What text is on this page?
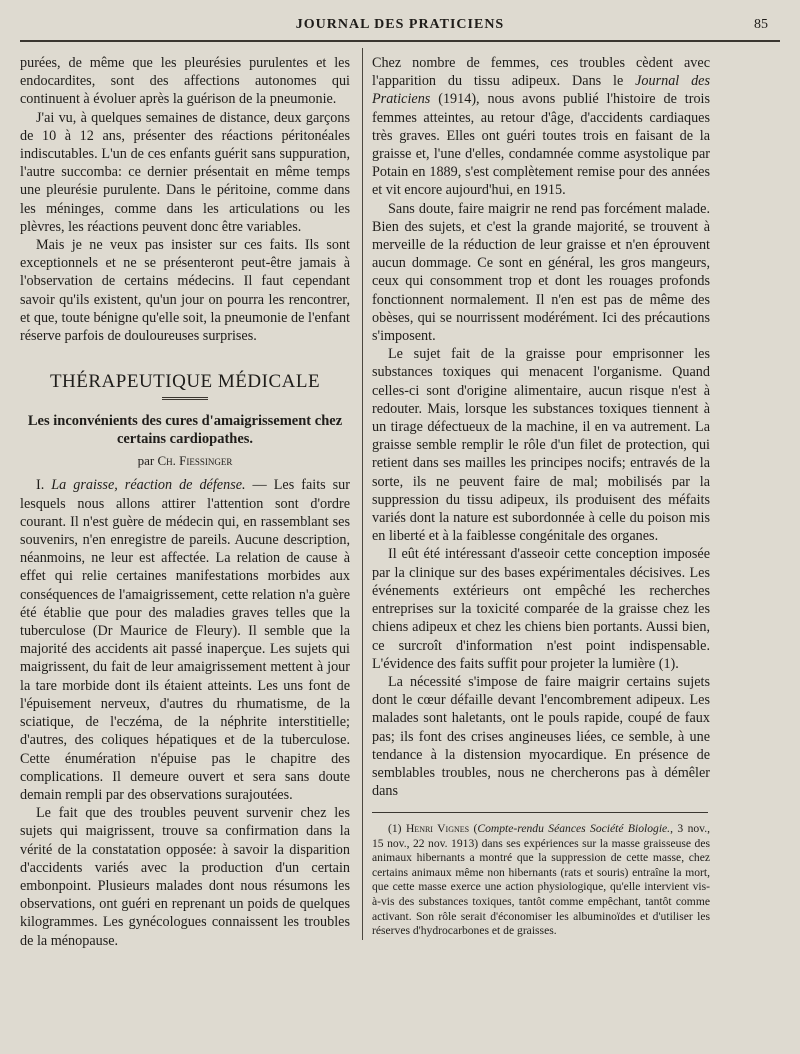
JOURNAL DES PRATICIENS	85

purées, de même que les pleurésies purulentes et les endocardites, sont des affections autonomes qui continuent à évoluer après la guérison de la pneumonie.

J'ai vu, à quelques semaines de distance, deux garçons de 10 à 12 ans, présenter des réactions péritonéales indiscutables. L'un de ces enfants guérit sans suppuration, l'autre succomba: ce dernier présentait en même temps une pleurésie purulente. Dans le péritoine, comme dans les méninges, comme dans les articulations ou les plèvres, les réactions peuvent donc être variables.

Mais je ne veux pas insister sur ces faits. Ils sont exceptionnels et ne se présenteront peut-être jamais à l'observation de certains médecins. Il faut cependant savoir qu'ils existent, qu'un jour on pourra les rencontrer, et que, toute bénigne qu'elle soit, la pneumonie de l'enfant réserve parfois de douloureuses surprises.

THÉRAPEUTIQUE MÉDICALE
Les inconvénients des cures d'amaigrissement chez certains cardiopathes.
par Ch. Fiessinger

I. La graisse, réaction de défense. — Les faits sur lesquels nous allons attirer l'attention sont d'ordre courant. Il n'est guère de médecin qui, en rassemblant ses souvenirs, n'en enregistre de pareils. Aucune description, néanmoins, ne leur est affectée. La relation de cause à effet qui relie certaines manifestations morbides aux conséquences de l'amaigrissement, cette relation n'a guère été établie que pour des maladies graves telles que la tuberculose (Dr Maurice de Fleury). Il semble que la majorité des accidents ait passé inaperçue. Les sujets qui maigrissent, du fait de leur amaigrissement mettent à jour la tare morbide dont ils étaient atteints. Les uns font de l'épuisement nerveux, d'autres du rhumatisme, de la sciatique, de l'eczéma, de la néphrite interstitielle; d'autres, des coliques hépatiques et de la tuberculose. Cette énumération n'épuise pas le chapitre des complications. Il demeure ouvert et sera sans doute demain rempli par des observations surajoutées.

Le fait que des troubles peuvent survenir chez les sujets qui maigrissent, trouve sa confirmation dans la vérité de la constatation opposée: à savoir la disparition d'accidents variés avec la production d'un certain embonpoint. Plusieurs malades dont nous résumons les observations, ont guéri en reprenant un poids de quelques kilogrammes. Les gynécologues connaissent les troubles de la ménopause.

Chez nombre de femmes, ces troubles cèdent avec l'apparition du tissu adipeux. Dans le Journal des Praticiens (1914), nous avons publié l'histoire de trois femmes atteintes, au retour d'âge, d'accidents cardiaques très graves. Elles ont guéri toutes trois en faisant de la graisse et, l'une d'elles, condamnée comme asystolique par Potain en 1889, s'est complètement remise pour des années et vit encore aujourd'hui, en 1915.

Sans doute, faire maigrir ne rend pas forcément malade. Bien des sujets, et c'est la grande majorité, se trouvent à merveille de la réduction de leur graisse et n'en éprouvent aucun dommage. Ce sont en général, les gros mangeurs, ceux qui consomment trop et dont les rouages profonds fonctionnent normalement. Il n'en est pas de même des obèses, qui se nourrissent modérément. Ici des précautions s'imposent.

Le sujet fait de la graisse pour emprisonner les substances toxiques qui menacent l'organisme. Quand celles-ci sont d'origine alimentaire, aucun risque n'est à redouter. Mais, lorsque les substances toxiques tiennent à un tirage défectueux de la machine, il en va autrement. La graisse semble remplir le rôle d'un filet de protection, qui retient dans ses mailles les principes nocifs; entravés de la sorte, ils ne peuvent faire de mal; mobilisés par la suppression du tissu adipeux, ils produisent des méfaits variés dont la nature est subordonnée à celle du poison mis en liberté et à la faiblesse congénitale des organes.

Il eût été intéressant d'asseoir cette conception imposée par la clinique sur des bases expérimentales décisives. Les événements extérieurs ont empêché les recherches entreprises sur la toxicité comparée de la graisse chez les chiens adipeux et chez les chiens bien portants. Aussi bien, ce surcroît d'information n'est point indispensable. L'évidence des faits suffit pour projeter la lumière (1).

La nécessité s'impose de faire maigrir certains sujets dont le cœur défaille devant l'encombrement adipeux. Les malades sont haletants, ont le pouls rapide, coupé de faux pas; ils font des crises angineuses liées, ce semble, à une tendance à la distension myocardique. En présence de semblables troubles, nous ne chercherons pas à démêler dans

(1) Henri Vignes (Compte-rendu Séances Société Biologie., 3 nov., 15 nov., 22 nov. 1913) dans ses expériences sur la masse graisseuse des animaux hibernants a montré que la suppression de cette masse, chez certains animaux même non hibernants (rats et souris) entraîne la mort, que cette masse exerce une action physiologique, qu'elle intervient vis-à-vis des substances toxiques, tantôt comme empêchant, tantôt comme activant. Son rôle serait d'économiser les albuminoïdes et d'utiliser les réserves d'hydrocarbones et de graisses.
